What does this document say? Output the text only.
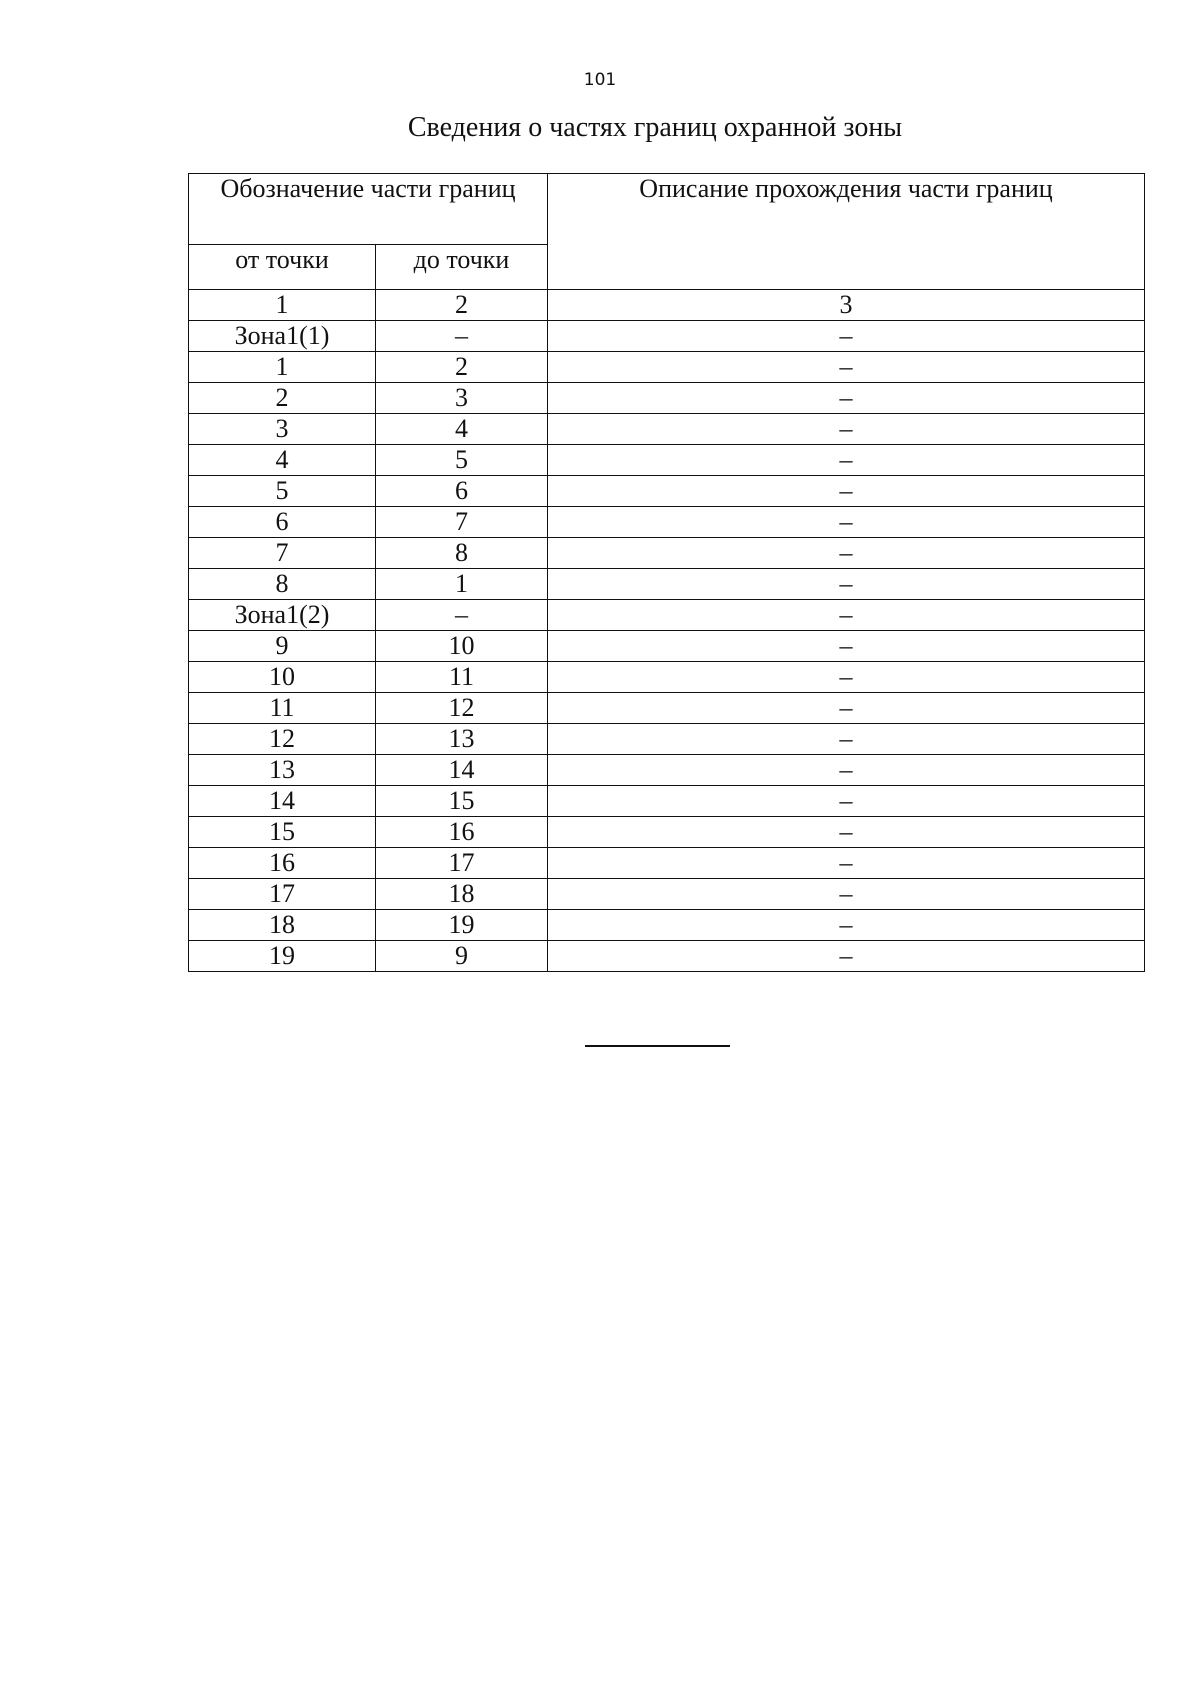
101
Сведения о частях границ охранной зоны
Обозначение части границ		Описание прохождения части границ
от точки	до точки	
1	2	3
Зона1(1)	–	–
1	2	–
2	3	–
3	4	–
4	5	–
5	6	–
6	7	–
7	8	–
8	1	–
Зона1(2)	–	–
9	10	–
10	11	–
11	12	–
12	13	–
13	14	–
14	15	–
15	16	–
16	17	–
17	18	–
18	19	–
19	9	–
